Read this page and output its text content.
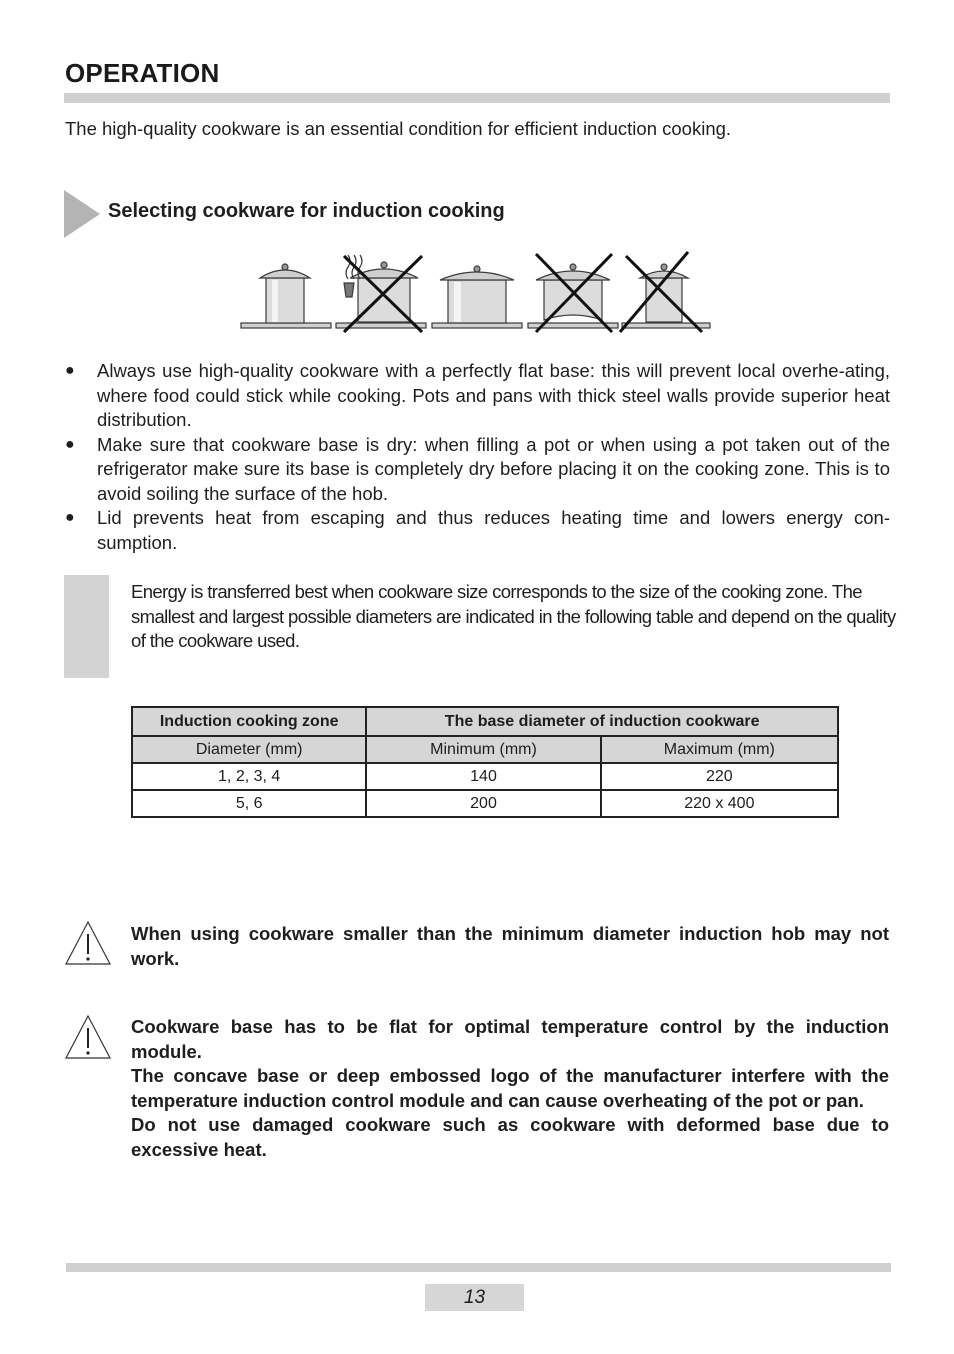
OPERATION
The high-quality cookware is an essential condition for efficient induction cooking.
Selecting cookware for induction cooking
● Always use high-quality cookware with a perfectly flat base: this will prevent local overhe-ating, where food could stick while cooking. Pots and pans with thick steel walls provide superior heat distribution.
● Make sure that cookware base is dry: when filling a pot or when using a pot taken out of the refrigerator make sure its base is completely dry before placing it on the cooking zone. This is to avoid soiling the surface of the hob.
● Lid prevents heat from escaping and thus reduces heating time and lowers energy con-sumption.
Energy is transferred best when cookware size corresponds to the size of the cooking zone. The smallest and largest possible diameters are indicated in the following table and depend on the quality of the cookware used.
Induction cooking zone	The base diameter of induction cookware	
Diameter (mm)	Minimum (mm)	Maximum (mm)
1, 2, 3, 4	140	220
5, 6	200	220 x 400

When using cookware smaller than the minimum diameter induction hob may not work.

Cookware base has to be flat for optimal temperature control by the induction module.

The concave base or deep embossed logo of the manufacturer interfere with the temperature induction control module and can cause overheating of the pot or pan.

Do not use damaged cookware such as cookware with deformed base due to excessive heat.

13
